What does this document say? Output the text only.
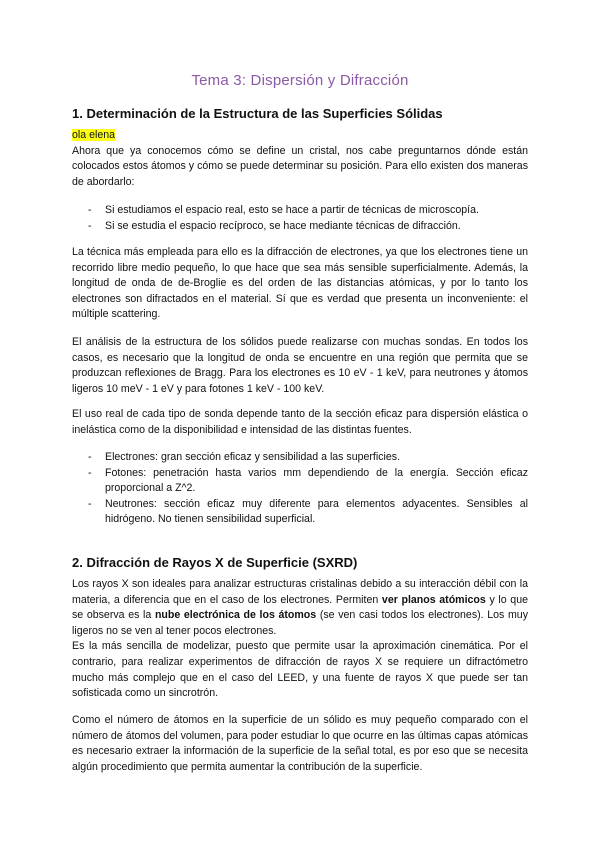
Tema 3: Dispersión y Difracción
1. Determinación de la Estructura de las Superficies Sólidas

ola elena
Ahora que ya conocemos cómo se define un cristal, nos cabe preguntarnos dónde están colocados estos átomos y cómo se puede determinar su posición. Para ello existen dos maneras de abordarlo:

- Si estudiamos el espacio real, esto se hace a partir de técnicas de microscopía.
- Si se estudia el espacio recíproco, se hace mediante técnicas de difracción.

La técnica más empleada para ello es la difracción de electrones, ya que los electrones tiene un recorrido libre medio pequeño, lo que hace que sea más sensible superficialmente. Además, la longitud de onda de de-Broglie es del orden de las distancias atómicas, y por lo tanto los electrones son difractados en el material. Sí que es verdad que presenta un inconveniente: el múltiple scattering.

El análisis de la estructura de los sólidos puede realizarse con muchas sondas. En todos los casos, es necesario que la longitud de onda se encuentre en una región que permita que se produzcan reflexiones de Bragg. Para los electrones es 10 eV - 1 keV, para neutrones y átomos ligeros 10 meV - 1 eV y para fotones 1 keV - 100 keV.

El uso real de cada tipo de sonda depende tanto de la sección eficaz para dispersión elástica o inelástica como de la disponibilidad e intensidad de las distintas fuentes.

- Electrones: gran sección eficaz y sensibilidad a las superficies.
- Fotones: penetración hasta varios mm dependiendo de la energía. Sección eficaz proporcional a Z^2.
- Neutrones: sección eficaz muy diferente para elementos adyacentes. Sensibles al hidrógeno. No tienen sensibilidad superficial.
2. Difracción de Rayos X de Superficie (SXRD)

Los rayos X son ideales para analizar estructuras cristalinas debido a su interacción débil con la materia, a diferencia que en el caso de los electrones. Permiten ver planos atómicos y lo que se observa es la nube electrónica de los átomos (se ven casi todos los electrones). Los muy ligeros no se ven al tener pocos electrones.
Es la más sencilla de modelizar, puesto que permite usar la aproximación cinemática. Por el contrario, para realizar experimentos de difracción de rayos X se requiere un difractómetro mucho más complejo que en el caso del LEED, y una fuente de rayos X que puede ser tan sofisticada como un sincrotrón.

Como el número de átomos en la superficie de un sólido es muy pequeño comparado con el número de átomos del volumen, para poder estudiar lo que ocurre en las últimas capas atómicas es necesario extraer la información de la superficie de la señal total, es por eso que se necesita algún procedimiento que permita aumentar la contribución de la superficie.
